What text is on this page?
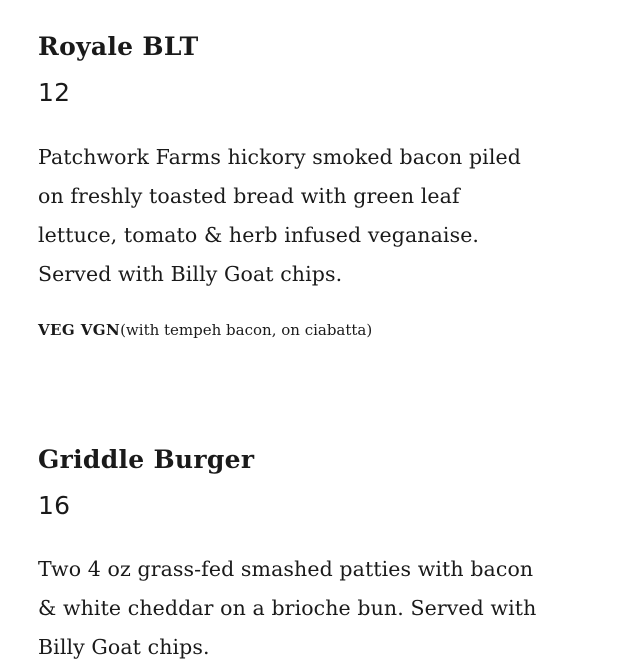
Royale BLT
12
Patchwork Farms hickory smoked bacon piled
on freshly toasted bread with green leaf
lettuce, tomato & herb infused veganaise.
Served with Billy Goat chips.
VEG VGN(with tempeh bacon, on ciabatta)
Griddle Burger
16
Two 4 oz grass-fed smashed patties with bacon
& white cheddar on a brioche bun. Served with
Billy Goat chips.
